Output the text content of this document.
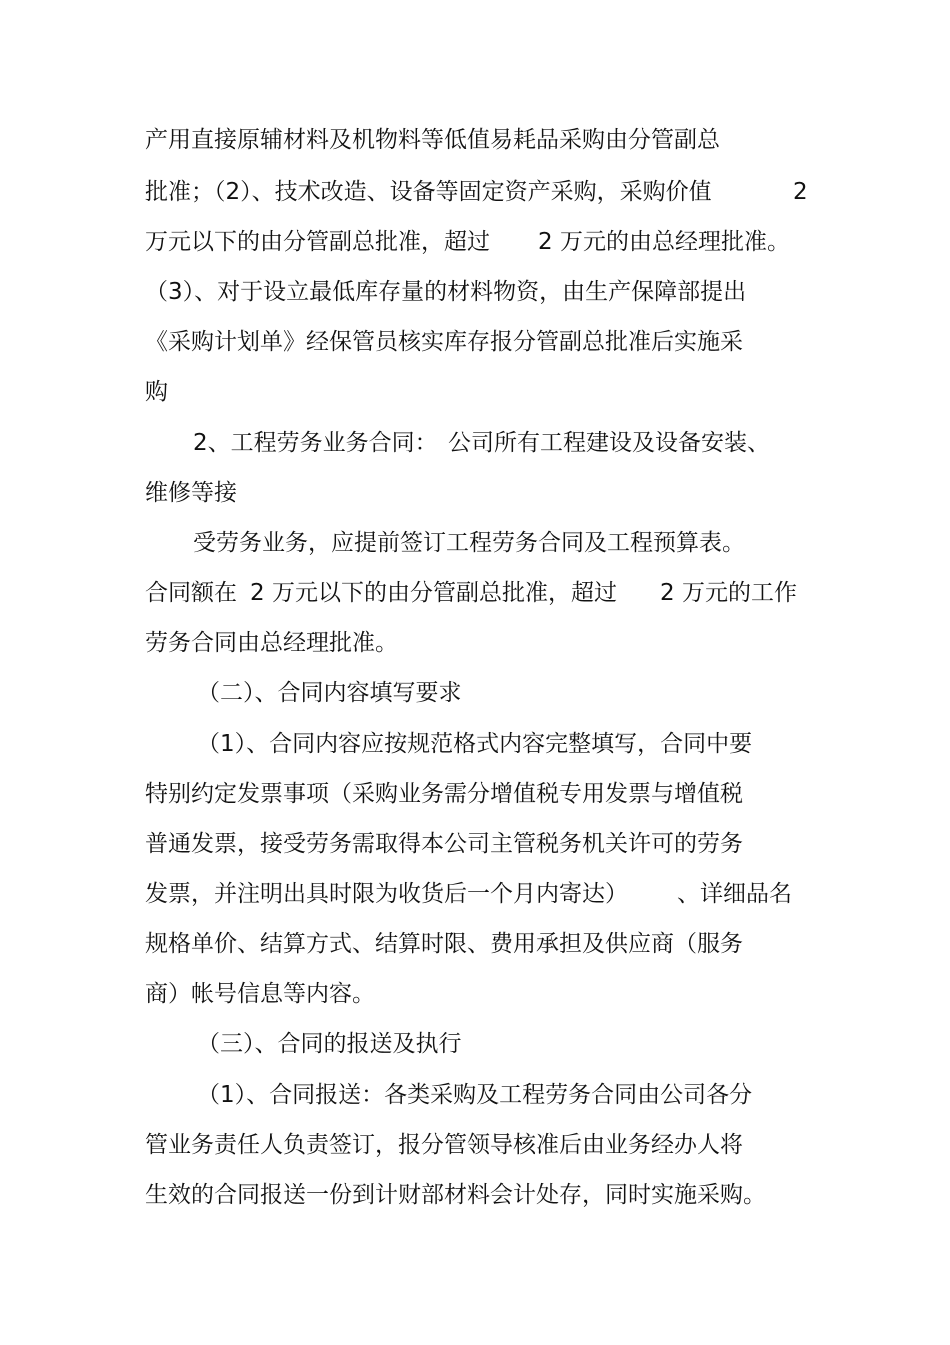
产用直接原辅材料及机物料等低值易耗品采购由分管副总
批准；（2）、技术改造、设备等固定资产采购，采购价值	2
万元以下的由分管副总批准，超过 2 万元的由总经理批准。
（3）、对于设立最低库存量的材料物资，由生产保障部提出
《采购计划单》经保管员核实库存报分管副总批准后实施采
购
2、工程劳务业务合同： 公司所有工程建设及设备安装、
维修等接
受劳务业务，应提前签订工程劳务合同及工程预算表。
合同额在 2 万元以下的由分管副总批准，超过 2 万元的工作
劳务合同由总经理批准。
（二）、合同内容填写要求
（1）、合同内容应按规范格式内容完整填写，合同中要
特别约定发票事项（采购业务需分增值税专用发票与增值税
普通发票，接受劳务需取得本公司主管税务机关许可的劳务
发票，并注明出具时限为收货后一个月内寄达） 、详细品名
规格单价、结算方式、结算时限、费用承担及供应商（服务
商）帐号信息等内容。
（三）、合同的报送及执行
（1）、合同报送：各类采购及工程劳务合同由公司各分
管业务责任人负责签订，报分管领导核准后由业务经办人将
生效的合同报送一份到计财部材料会计处存，同时实施采购。
